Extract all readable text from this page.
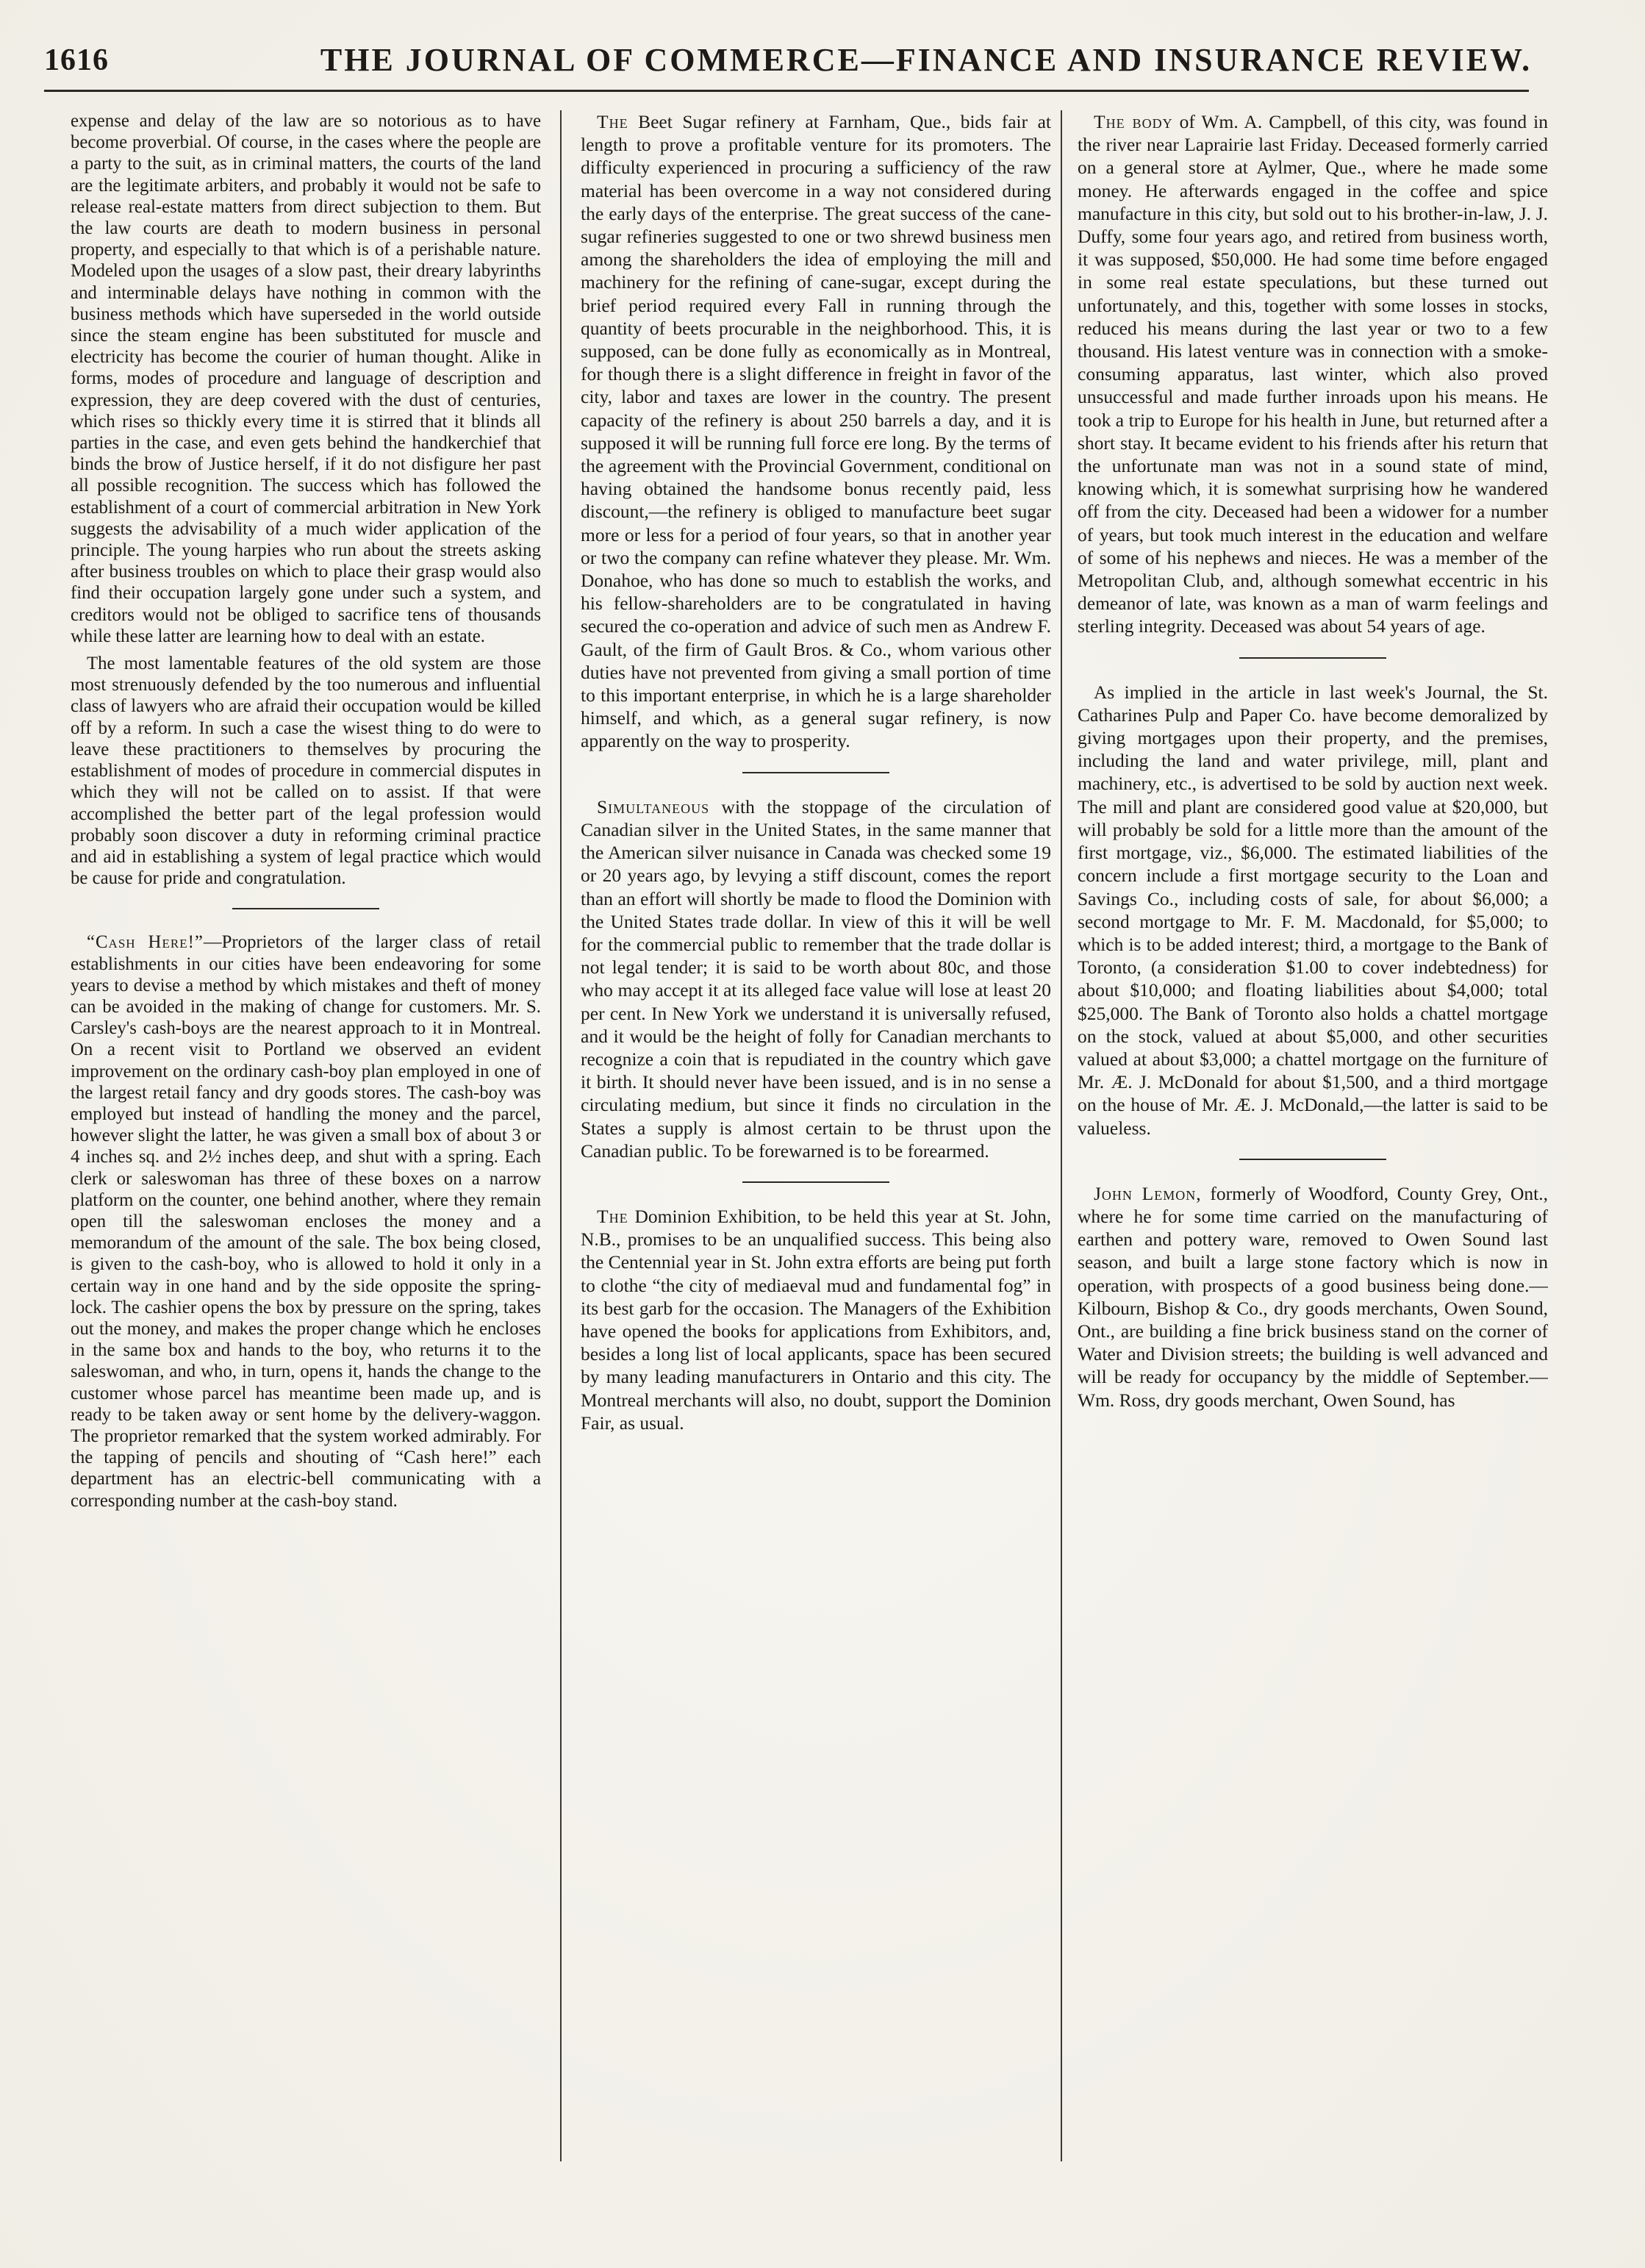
1616	THE JOURNAL OF COMMERCE—FINANCE AND INSURANCE REVIEW.

expense and delay of the law are so notorious as to have become proverbial. Of course, in the cases where the people are a party to the suit, as in criminal matters, the courts of the land are the legitimate arbiters, and probably it would not be safe to release real-estate matters from direct subjection to them. But the law courts are death to modern business in personal property, and especially to that which is of a perishable nature. Modeled upon the usages of a slow past, their dreary labyrinths and interminable delays have nothing in common with the business methods which have superseded in the world outside since the steam engine has been substituted for muscle and electricity has become the courier of human thought. Alike in forms, modes of procedure and language of description and expression, they are deep covered with the dust of centuries, which rises so thickly every time it is stirred that it blinds all parties in the case, and even gets behind the handkerchief that binds the brow of Justice herself, if it do not disfigure her past all possible recognition. The success which has followed the establishment of a court of commercial arbitration in New York suggests the advisability of a much wider application of the principle. The young harpies who run about the streets asking after business troubles on which to place their grasp would also find their occupation largely gone under such a system, and creditors would not be obliged to sacrifice tens of thousands while these latter are learning how to deal with an estate.

The most lamentable features of the old system are those most strenuously defended by the too numerous and influential class of lawyers who are afraid their occupation would be killed off by a reform. In such a case the wisest thing to do were to leave these practitioners to themselves by procuring the establishment of modes of procedure in commercial disputes in which they will not be called on to assist. If that were accomplished the better part of the legal profession would probably soon discover a duty in reforming criminal practice and aid in establishing a system of legal practice which would be cause for pride and congratulation.

“Cash Here!”—Proprietors of the larger class of retail establishments in our cities have been endeavoring for some years to devise a method by which mistakes and theft of money can be avoided in the making of change for customers. Mr. S. Carsley's cash-boys are the nearest approach to it in Montreal. On a recent visit to Portland we observed an evident improvement on the ordinary cash-boy plan employed in one of the largest retail fancy and dry goods stores. The cash-boy was employed but instead of handling the money and the parcel, however slight the latter, he was given a small box of about 3 or 4 inches sq. and 2½ inches deep, and shut with a spring. Each clerk or saleswoman has three of these boxes on a narrow platform on the counter, one behind another, where they remain open till the saleswoman encloses the money and a memorandum of the amount of the sale. The box being closed, is given to the cash-boy, who is allowed to hold it only in a certain way in one hand and by the side opposite the spring-lock. The cashier opens the box by pressure on the spring, takes out the money, and makes the proper change which he encloses in the same box and hands to the boy, who returns it to the saleswoman, and who, in turn, opens it, hands the change to the customer whose parcel has meantime been made up, and is ready to be taken away or sent home by the delivery-waggon. The proprietor remarked that the system worked admirably. For the tapping of pencils and shouting of “Cash here!” each department has an electric-bell communicating with a corresponding number at the cash-boy stand.

The Beet Sugar refinery at Farnham, Que., bids fair at length to prove a profitable venture for its promoters. The difficulty experienced in procuring a sufficiency of the raw material has been overcome in a way not considered during the early days of the enterprise. The great success of the cane-sugar refineries suggested to one or two shrewd business men among the shareholders the idea of employing the mill and machinery for the refining of cane-sugar, except during the brief period required every Fall in running through the quantity of beets procurable in the neighborhood. This, it is supposed, can be done fully as economically as in Montreal, for though there is a slight difference in freight in favor of the city, labor and taxes are lower in the country. The present capacity of the refinery is about 250 barrels a day, and it is supposed it will be running full force ere long. By the terms of the agreement with the Provincial Government, conditional on having obtained the handsome bonus recently paid, less discount,—the refinery is obliged to manufacture beet sugar more or less for a period of four years, so that in another year or two the company can refine whatever they please. Mr. Wm. Donahoe, who has done so much to establish the works, and his fellow-shareholders are to be congratulated in having secured the co-operation and advice of such men as Andrew F. Gault, of the firm of Gault Bros. & Co., whom various other duties have not prevented from giving a small portion of time to this important enterprise, in which he is a large shareholder himself, and which, as a general sugar refinery, is now apparently on the way to prosperity.

Simultaneous with the stoppage of the circulation of Canadian silver in the United States, in the same manner that the American silver nuisance in Canada was checked some 19 or 20 years ago, by levying a stiff discount, comes the report than an effort will shortly be made to flood the Dominion with the United States trade dollar. In view of this it will be well for the commercial public to remember that the trade dollar is not legal tender; it is said to be worth about 80c, and those who may accept it at its alleged face value will lose at least 20 per cent. In New York we understand it is universally refused, and it would be the height of folly for Canadian merchants to recognize a coin that is repudiated in the country which gave it birth. It should never have been issued, and is in no sense a circulating medium, but since it finds no circulation in the States a supply is almost certain to be thrust upon the Canadian public. To be forewarned is to be forearmed.

The Dominion Exhibition, to be held this year at St. John, N.B., promises to be an unqualified success. This being also the Centennial year in St. John extra efforts are being put forth to clothe “the city of mediaeval mud and fundamental fog” in its best garb for the occasion. The Managers of the Exhibition have opened the books for applications from Exhibitors, and, besides a long list of local applicants, space has been secured by many leading manufacturers in Ontario and this city. The Montreal merchants will also, no doubt, support the Dominion Fair, as usual.

The body of Wm. A. Campbell, of this city, was found in the river near Laprairie last Friday. Deceased formerly carried on a general store at Aylmer, Que., where he made some money. He afterwards engaged in the coffee and spice manufacture in this city, but sold out to his brother-in-law, J. J. Duffy, some four years ago, and retired from business worth, it was supposed, $50,000. He had some time before engaged in some real estate speculations, but these turned out unfortunately, and this, together with some losses in stocks, reduced his means during the last year or two to a few thousand. His latest venture was in connection with a smoke-consuming apparatus, last winter, which also proved unsuccessful and made further inroads upon his means. He took a trip to Europe for his health in June, but returned after a short stay. It became evident to his friends after his return that the unfortunate man was not in a sound state of mind, knowing which, it is somewhat surprising how he wandered off from the city. Deceased had been a widower for a number of years, but took much interest in the education and welfare of some of his nephews and nieces. He was a member of the Metropolitan Club, and, although somewhat eccentric in his demeanor of late, was known as a man of warm feelings and sterling integrity. Deceased was about 54 years of age.

As implied in the article in last week's Journal, the St. Catharines Pulp and Paper Co. have become demoralized by giving mortgages upon their property, and the premises, including the land and water privilege, mill, plant and machinery, etc., is advertised to be sold by auction next week. The mill and plant are considered good value at $20,000, but will probably be sold for a little more than the amount of the first mortgage, viz., $6,000. The estimated liabilities of the concern include a first mortgage security to the Loan and Savings Co., including costs of sale, for about $6,000; a second mortgage to Mr. F. M. Macdonald, for $5,000; to which is to be added interest; third, a mortgage to the Bank of Toronto, (a consideration $1.00 to cover indebtedness) for about $10,000; and floating liabilities about $4,000; total $25,000. The Bank of Toronto also holds a chattel mortgage on the stock, valued at about $5,000, and other securities valued at about $3,000; a chattel mortgage on the furniture of Mr. Æ. J. McDonald for about $1,500, and a third mortgage on the house of Mr. Æ. J. McDonald,—the latter is said to be valueless.

John Lemon, formerly of Woodford, County Grey, Ont., where he for some time carried on the manufacturing of earthen and pottery ware, removed to Owen Sound last season, and built a large stone factory which is now in operation, with prospects of a good business being done.—Kilbourn, Bishop & Co., dry goods merchants, Owen Sound, Ont., are building a fine brick business stand on the corner of Water and Division streets; the building is well advanced and will be ready for occupancy by the middle of September.—Wm. Ross, dry goods merchant, Owen Sound, has
